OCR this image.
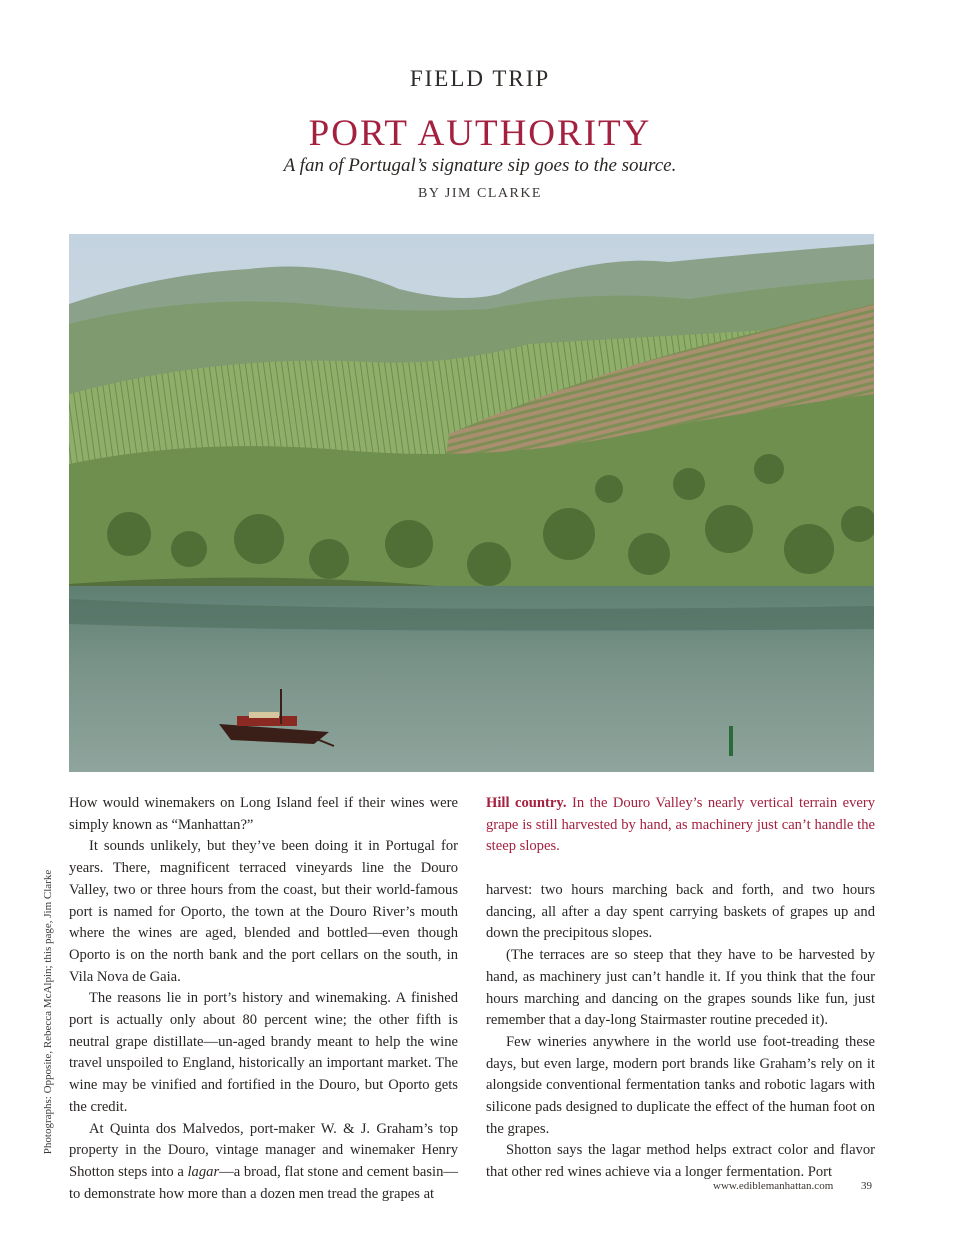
FIELD TRIP
PORT AUTHORITY
A fan of Portugal’s signature sip goes to the source.
BY JIM CLARKE
Photographs: Opposite, Rebecca McAlpin; this page, Jim Clarke

How would winemakers on Long Island feel if their wines were simply known as “Manhattan?”

It sounds unlikely, but they’ve been doing it in Portugal for years. There, magnificent terraced vineyards line the Douro Valley, two or three hours from the coast, but their world-famous port is named for Oporto, the town at the Douro River’s mouth where the wines are aged, blended and bottled—even though Oporto is on the north bank and the port cellars on the south, in Vila Nova de Gaia.

The reasons lie in port’s history and winemaking. A finished port is actually only about 80 percent wine; the other fifth is neutral grape distillate—un-aged brandy meant to help the wine travel unspoiled to England, historically an important market. The wine may be vinified and fortified in the Douro, but Oporto gets the credit.

At Quinta dos Malvedos, port-maker W. & J. Graham’s top property in the Douro, vintage manager and winemaker Henry Shotton steps into a lagar—a broad, flat stone and cement basin— to demonstrate how more than a dozen men tread the grapes at

Hill country. In the Douro Valley’s nearly vertical terrain every grape is still harvested by hand, as machinery just can’t handle the steep slopes.

harvest: two hours marching back and forth, and two hours dancing, all after a day spent carrying baskets of grapes up and down the precipitous slopes.

(The terraces are so steep that they have to be harvested by hand, as machinery just can’t handle it. If you think that the four hours marching and dancing on the grapes sounds like fun, just remember that a day-long Stairmaster routine preceded it).

Few wineries anywhere in the world use foot-treading these days, but even large, modern port brands like Graham’s rely on it alongside conventional fermentation tanks and robotic lagars with silicone pads designed to duplicate the effect of the human foot on the grapes.

Shotton says the lagar method helps extract color and flavor that other red wines achieve via a longer fermentation. Port

www.ediblemanhattan.com	39
